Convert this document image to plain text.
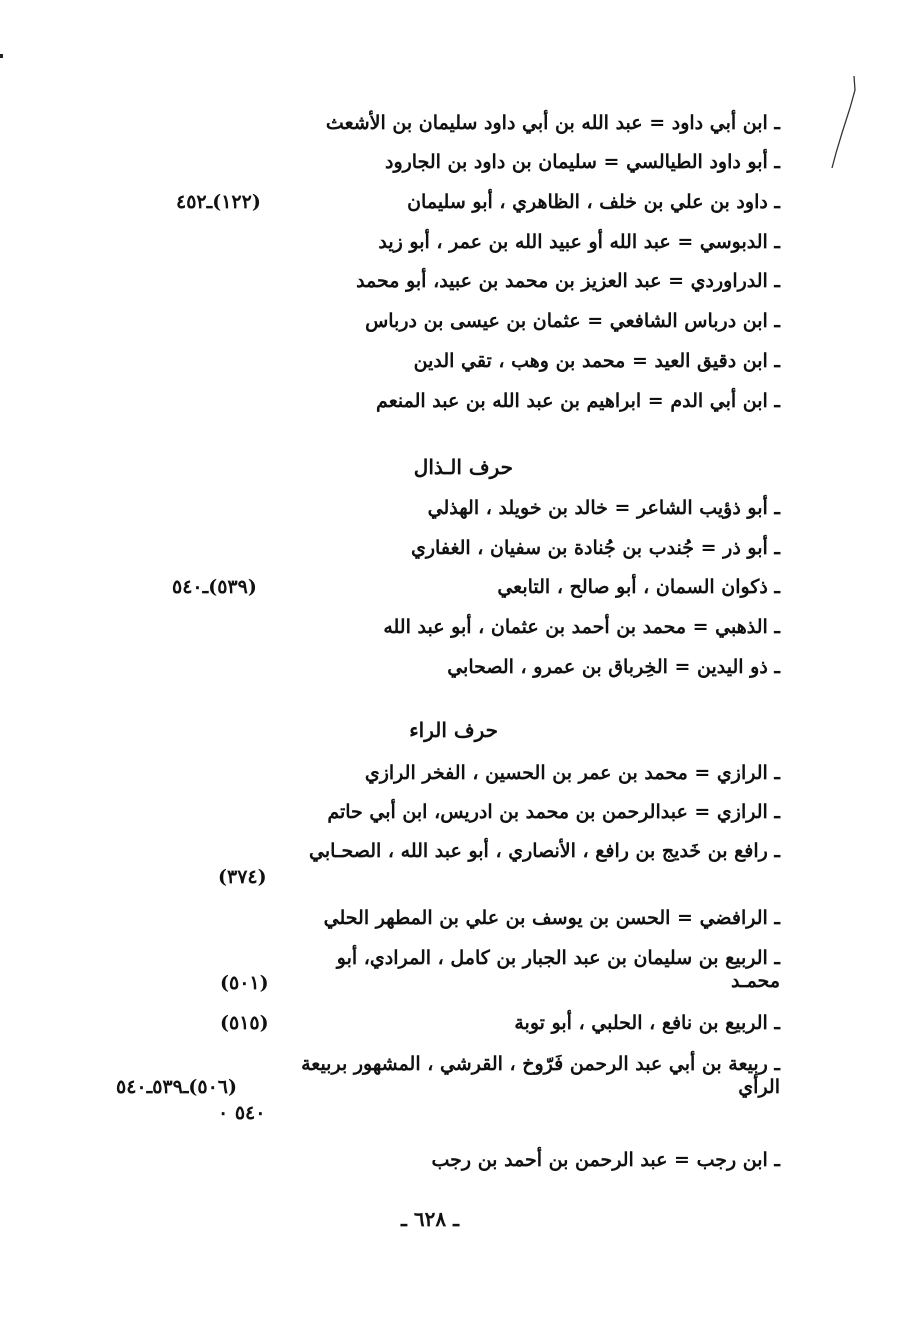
ـ ابن أبي داود = عبد الله بن أبي داود سليمان بن الأشعث
ـ أبو داود الطيالسي = سليمان بن داود بن الجارود
ـ داود بن علي بن خلف ، الظاهري ، أبو سليمان
(١٢٢)ـ٤٥٢
ـ الدبوسي = عبد الله أو عبيد الله بن عمر ، أبو زيد
ـ الدراوردي = عبد العزيز بن محمد بن عبيد، أبو محمد
ـ ابن درباس الشافعي = عثمان بن عيسى بن درباس
ـ ابن دقيق العيد = محمد بن وهب ، تقي الدين
ـ ابن أبي الدم = ابراهيم بن عبد الله بن عبد المنعم
حرف الـذال
ـ أبو ذؤيب الشاعر = خالد بن خويلد ، الهذلي
ـ أبو ذر = جُندب بن جُنادة بن سفيان ، الغفاري
ـ ذكوان السمان ، أبو صالح ، التابعي
(٥٣٩)ـ٥٤٠
ـ الذهبي = محمد بن أحمد بن عثمان ، أبو عبد الله
ـ ذو اليدين = الخِرباق بن عمرو ، الصحابي
حرف الراء
ـ الرازي = محمد بن عمر بن الحسين ، الفخر الرازي
ـ الرازي = عبدالرحمن بن محمد بن ادريس، ابن أبي حاتم
ـ رافع بن خَديج بن رافع ، الأنصاري ، أبو عبد الله ، الصحـابي
(٣٧٤)
ـ الرافضي = الحسن بن يوسف بن علي بن المطهر الحلي
ـ الربيع بن سليمان بن عبد الجبار بن كامل ، المرادي، أبو محمـد
(٥٠١)
ـ الربيع بن نافع ، الحلبي ، أبو توبة
(٥١٥)
ـ ربيعة بن أبي عبد الرحمن فَرّوخ ، القرشي ، المشهور بربيعة الرأي
(٥٠٦)ـ٥٣٩ـ٥٤٠
٥٤٠ ٠
ـ ابن رجب = عبد الرحمن بن أحمد بن رجب
ـ ٦٢٨ ـ
